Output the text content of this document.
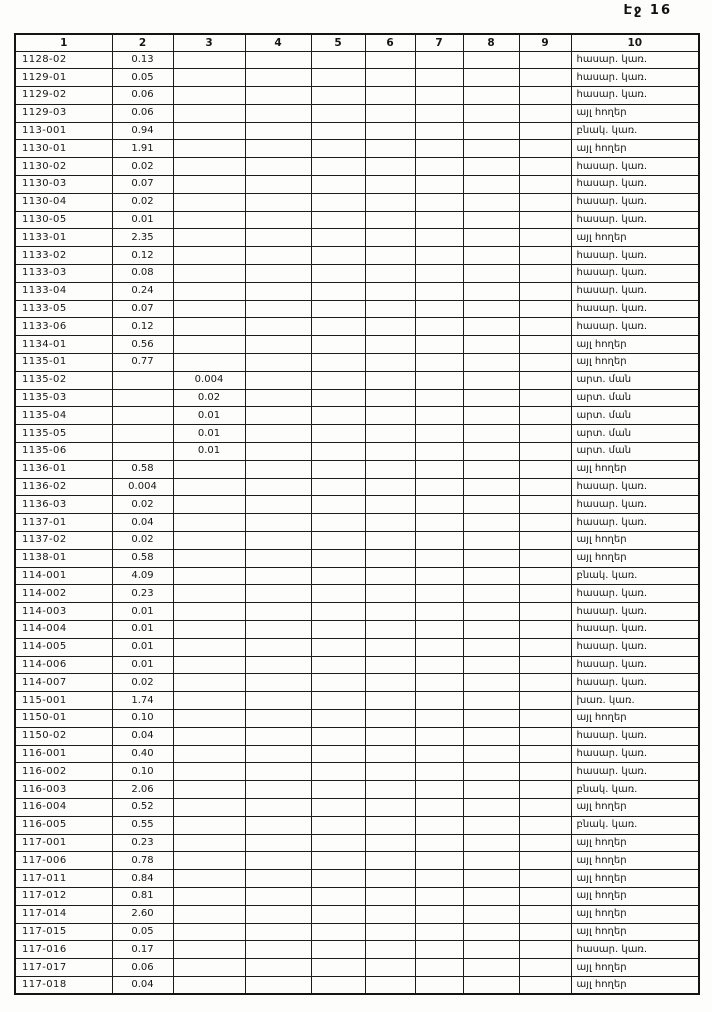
Էջ 16
1	2	3	4	5	6	7	8	9	10
1128-02	0.13								հասար. կառ.
1129-01	0.05								հասար. կառ.
1129-02	0.06								հասար. կառ.
1129-03	0.06								այլ հողեր
113-001	0.94								բնակ. կառ.
1130-01	1.91								այլ հողեր
1130-02	0.02								հասար. կառ.
1130-03	0.07								հասար. կառ.
1130-04	0.02								հասար. կառ.
1130-05	0.01								հասար. կառ.
1133-01	2.35								այլ հողեր
1133-02	0.12								հասար. կառ.
1133-03	0.08								հասար. կառ.
1133-04	0.24								հասար. կառ.
1133-05	0.07								հասար. կառ.
1133-06	0.12								հասար. կառ.
1134-01	0.56								այլ հողեր
1135-01	0.77								այլ հողեր
1135-02		0.004							արտ. ման
1135-03		0.02							արտ. ման
1135-04		0.01							արտ. ման
1135-05		0.01							արտ. ման
1135-06		0.01							արտ. ման
1136-01	0.58								այլ հողեր
1136-02	0.004								հասար. կառ.
1136-03	0.02								հասար. կառ.
1137-01	0.04								հասար. կառ.
1137-02	0.02								այլ հողեր
1138-01	0.58								այլ հողեր
114-001	4.09								բնակ. կառ.
114-002	0.23								հասար. կառ.
114-003	0.01								հասար. կառ.
114-004	0.01								հասար. կառ.
114-005	0.01								հասար. կառ.
114-006	0.01								հասար. կառ.
114-007	0.02								հասար. կառ.
115-001	1.74								խառ. կառ.
1150-01	0.10								այլ հողեր
1150-02	0.04								հասար. կառ.
116-001	0.40								հասար. կառ.
116-002	0.10								հասար. կառ.
116-003	2.06								բնակ. կառ.
116-004	0.52								այլ հողեր
116-005	0.55								բնակ. կառ.
117-001	0.23								այլ հողեր
117-006	0.78								այլ հողեր
117-011	0.84								այլ հողեր
117-012	0.81								այլ հողեր
117-014	2.60								այլ հողեր
117-015	0.05								այլ հողեր
117-016	0.17								հասար. կառ.
117-017	0.06								այլ հողեր
117-018	0.04								այլ հողեր
